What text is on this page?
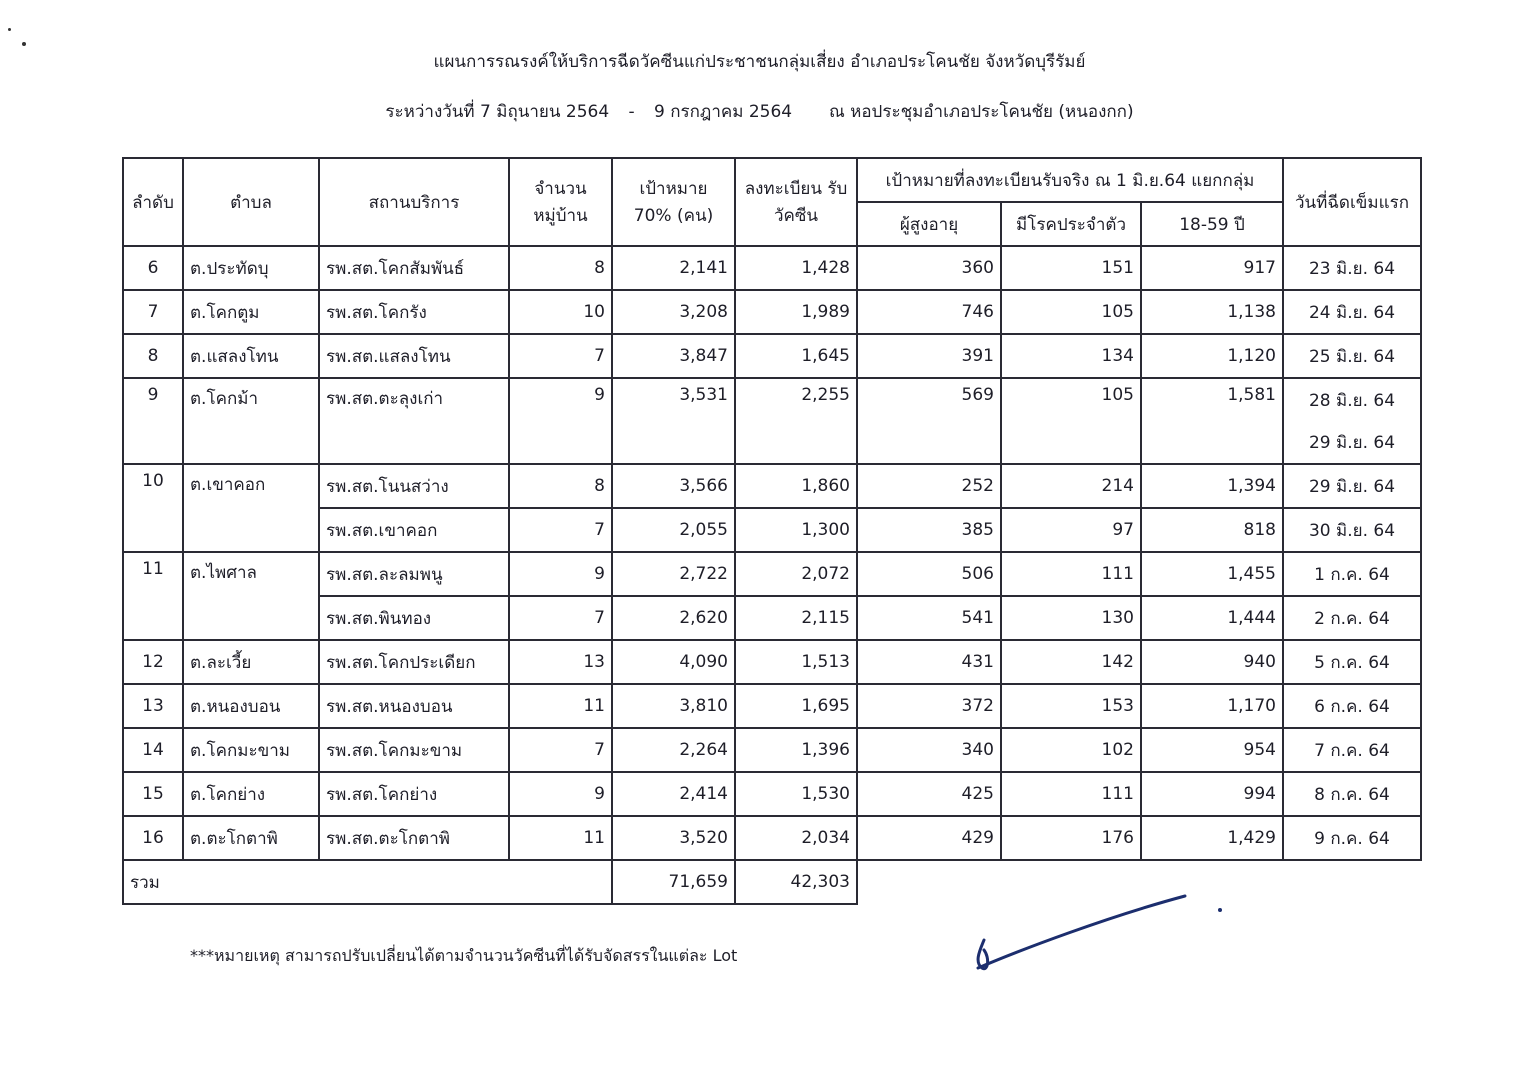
แผนการรณรงค์ให้บริการฉีดวัคซีนแก่ประชาชนกลุ่มเสี่ยง อำเภอประโคนชัย จังหวัดบุรีรัมย์
ระหว่างวันที่ 7 มิถุนายน 2564 - 9 กรกฎาคม 2564 ณ หอประชุมอำเภอประโคนชัย (หนองกก)
ลำดับ	ตำบล	สถานบริการ	จำนวน หมู่บ้าน	เป้าหมาย 70% (คน)	ลงทะเบียน รับวัคซีน	เป้าหมายที่ลงทะเบียนรับจริง ณ 1 มิ.ย.64 แยกกลุ่ม			วันที่ฉีดเข็มแรก
						ผู้สูงอายุ	มีโรคประจำตัว	18-59 ปี	
6	ต.ประทัดบุ	รพ.สต.โคกสัมพันธ์	8	2,141	1,428	360	151	917	23 มิ.ย. 64
7	ต.โคกตูม	รพ.สต.โคกรัง	10	3,208	1,989	746	105	1,138	24 มิ.ย. 64
8	ต.แสลงโทน	รพ.สต.แสลงโทน	7	3,847	1,645	391	134	1,120	25 มิ.ย. 64
9	ต.โคกม้า	รพ.สต.ตะลุงเก่า	9	3,531	2,255	569	105	1,581	28 มิ.ย. 64
									29 มิ.ย. 64
10	ต.เขาคอก	รพ.สต.โนนสว่าง	8	3,566	1,860	252	214	1,394	29 มิ.ย. 64
		รพ.สต.เขาคอก	7	2,055	1,300	385	97	818	30 มิ.ย. 64
11	ต.ไพศาล	รพ.สต.ละลมพนู	9	2,722	2,072	506	111	1,455	1 ก.ค. 64
		รพ.สต.พินทอง	7	2,620	2,115	541	130	1,444	2 ก.ค. 64
12	ต.ละเวี้ย	รพ.สต.โคกประเดียก	13	4,090	1,513	431	142	940	5 ก.ค. 64
13	ต.หนองบอน	รพ.สต.หนองบอน	11	3,810	1,695	372	153	1,170	6 ก.ค. 64
14	ต.โคกมะขาม	รพ.สต.โคกมะขาม	7	2,264	1,396	340	102	954	7 ก.ค. 64
15	ต.โคกย่าง	รพ.สต.โคกย่าง	9	2,414	1,530	425	111	994	8 ก.ค. 64
16	ต.ตะโกตาพิ	รพ.สต.ตะโกตาพิ	11	3,520	2,034	429	176	1,429	9 ก.ค. 64
รวม				71,659	42,303				
***หมายเหตุ สามารถปรับเปลี่ยนได้ตามจำนวนวัคซีนที่ได้รับจัดสรรในแต่ละ Lot
